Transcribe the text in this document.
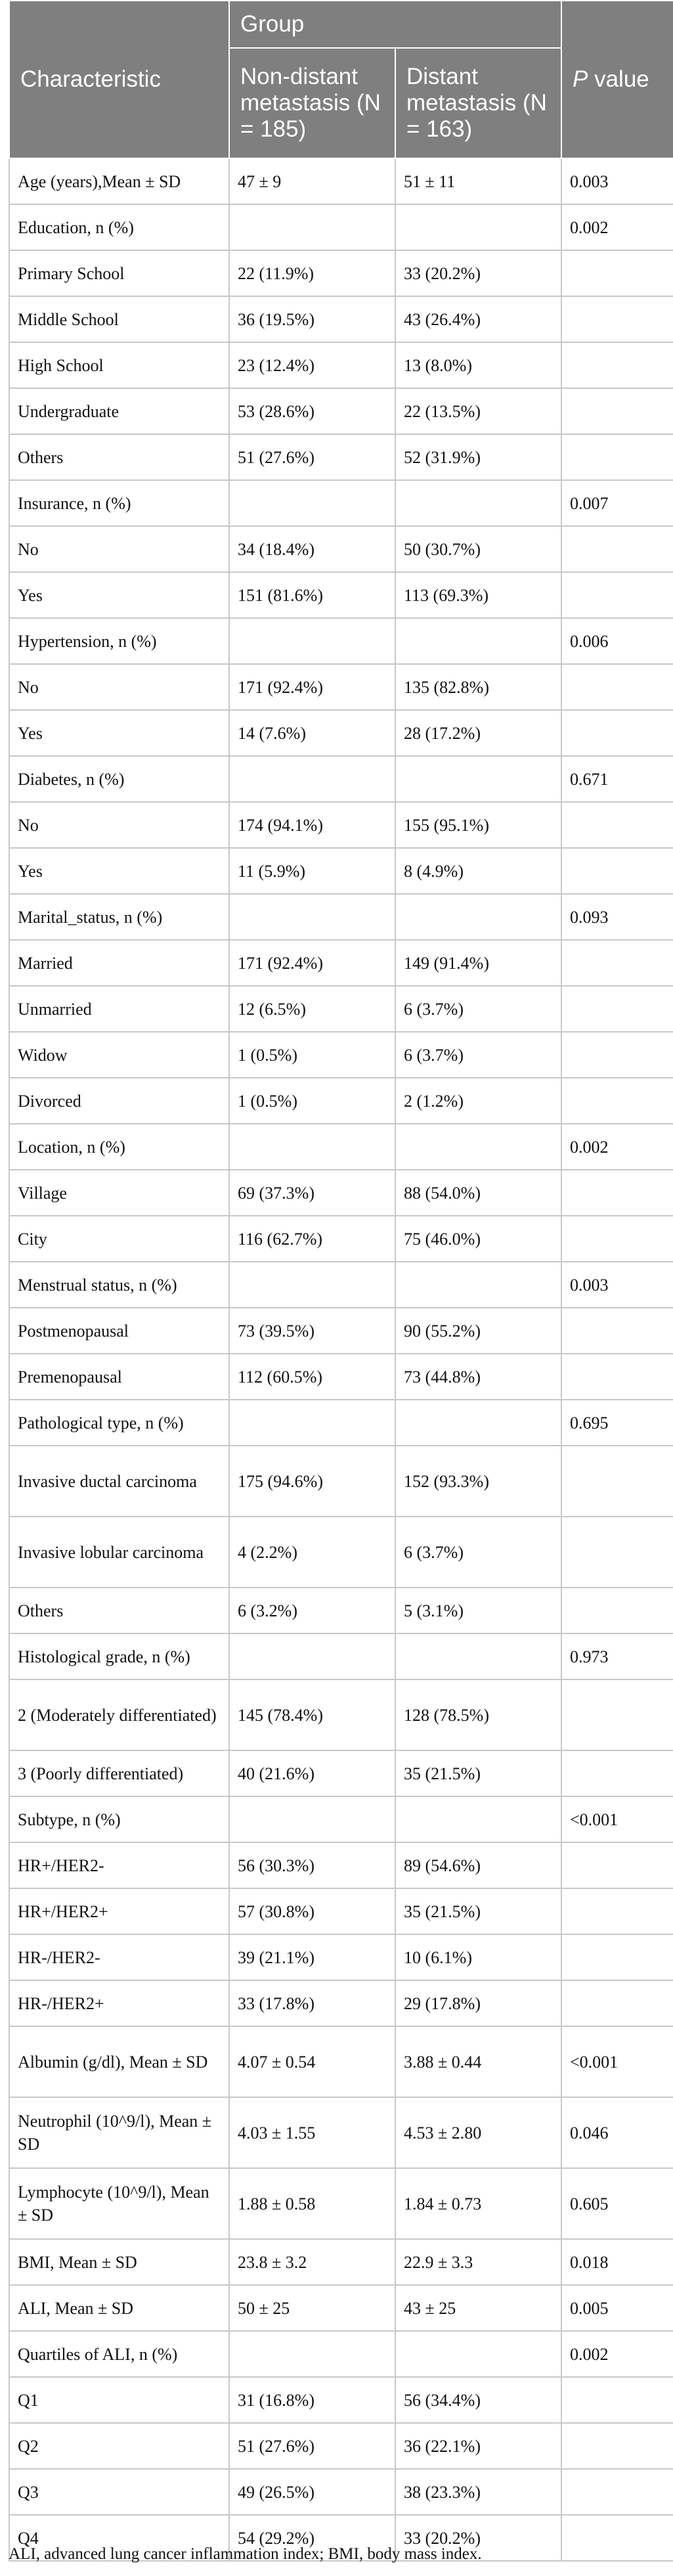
Characteristic	Group		P value
	Non-distant metastasis (N = 185)	Distant metastasis (N = 163)	
Age (years),Mean ± SD	47 ± 9	51 ± 11	0.003
Education, n (%)			0.002
Primary School	22 (11.9%)	33 (20.2%)	
Middle School	36 (19.5%)	43 (26.4%)	
High School	23 (12.4%)	13 (8.0%)	
Undergraduate	53 (28.6%)	22 (13.5%)	
Others	51 (27.6%)	52 (31.9%)	
Insurance, n (%)			0.007
No	34 (18.4%)	50 (30.7%)	
Yes	151 (81.6%)	113 (69.3%)	
Hypertension, n (%)			0.006
No	171 (92.4%)	135 (82.8%)	
Yes	14 (7.6%)	28 (17.2%)	
Diabetes, n (%)			0.671
No	174 (94.1%)	155 (95.1%)	
Yes	11 (5.9%)	8 (4.9%)	
Marital_status, n (%)			0.093
Married	171 (92.4%)	149 (91.4%)	
Unmarried	12 (6.5%)	6 (3.7%)	
Widow	1 (0.5%)	6 (3.7%)	
Divorced	1 (0.5%)	2 (1.2%)	
Location, n (%)			0.002
Village	69 (37.3%)	88 (54.0%)	
City	116 (62.7%)	75 (46.0%)	
Menstrual status, n (%)			0.003
Postmenopausal	73 (39.5%)	90 (55.2%)	
Premenopausal	112 (60.5%)	73 (44.8%)	
Pathological type, n (%)			0.695
Invasive ductal carcinoma	175 (94.6%)	152 (93.3%)	
Invasive lobular carcinoma	4 (2.2%)	6 (3.7%)	
Others	6 (3.2%)	5 (3.1%)	
Histological grade, n (%)			0.973
2 (Moderately differentiated)	145 (78.4%)	128 (78.5%)	
3 (Poorly differentiated)	40 (21.6%)	35 (21.5%)	
Subtype, n (%)			<0.001
HR+/HER2-	56 (30.3%)	89 (54.6%)	
HR+/HER2+	57 (30.8%)	35 (21.5%)	
HR-/HER2-	39 (21.1%)	10 (6.1%)	
HR-/HER2+	33 (17.8%)	29 (17.8%)	
Albumin (g/dl), Mean ± SD	4.07 ± 0.54	3.88 ± 0.44	<0.001
Neutrophil (10^9/l), Mean ± SD	4.03 ± 1.55	4.53 ± 2.80	0.046
Lymphocyte (10^9/l), Mean ± SD	1.88 ± 0.58	1.84 ± 0.73	0.605
BMI, Mean ± SD	23.8 ± 3.2	22.9 ± 3.3	0.018
ALI, Mean ± SD	50 ± 25	43 ± 25	0.005
Quartiles of ALI, n (%)			0.002
Q1	31 (16.8%)	56 (34.4%)	
Q2	51 (27.6%)	36 (22.1%)	
Q3	49 (26.5%)	38 (23.3%)	
Q4	54 (29.2%)	33 (20.2%)	
ALI, advanced lung cancer inflammation index; BMI, body mass index.
